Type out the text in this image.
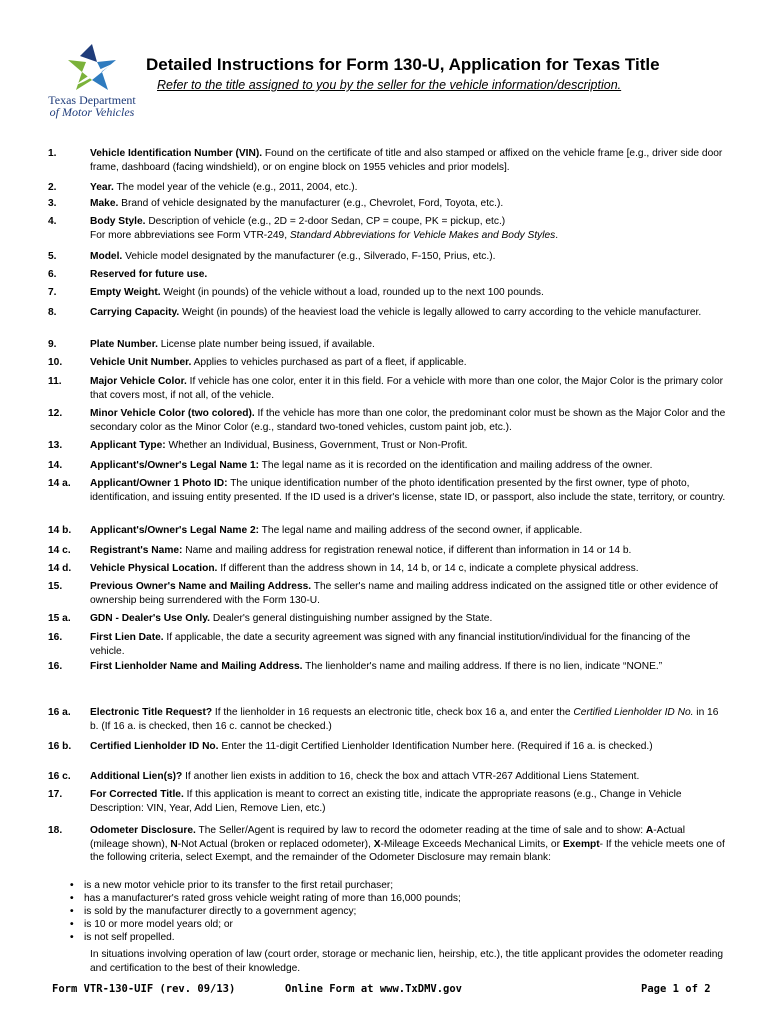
Texas Department
of Motor Vehicles
Detailed Instructions for Form 130-U, Application for Texas Title
Refer to the title assigned to you by the seller for the vehicle information/description.
1.	Vehicle Identification Number (VIN). Found on the certificate of title and also stamped or affixed on the vehicle frame [e.g., driver side door frame, dashboard (facing windshield), or on engine block on 1955 vehicles and prior models].
2.	Year. The model year of the vehicle (e.g., 2011, 2004, etc.).
3.	Make. Brand of vehicle designated by the manufacturer (e.g., Chevrolet, Ford, Toyota, etc.).
4.	Body Style. Description of vehicle (e.g., 2D = 2-door Sedan, CP = coupe, PK = pickup, etc.)
For more abbreviations see Form VTR-249, Standard Abbreviations for Vehicle Makes and Body Styles.
5.	Model. Vehicle model designated by the manufacturer (e.g., Silverado, F-150, Prius, etc.).
6.	Reserved for future use.
7.	Empty Weight. Weight (in pounds) of the vehicle without a load, rounded up to the next 100 pounds.
8.	Carrying Capacity. Weight (in pounds) of the heaviest load the vehicle is legally allowed to carry according to the vehicle manufacturer.
9.	Plate Number. License plate number being issued, if available.
10.	Vehicle Unit Number. Applies to vehicles purchased as part of a fleet, if applicable.
11.	Major Vehicle Color. If vehicle has one color, enter it in this field. For a vehicle with more than one color, the Major Color is the primary color that covers most, if not all, of the vehicle.
12.	Minor Vehicle Color (two colored). If the vehicle has more than one color, the predominant color must be shown as the Major Color and the secondary color as the Minor Color (e.g., standard two-toned vehicles, custom paint job, etc.).
13.	Applicant Type: Whether an Individual, Business, Government, Trust or Non-Profit.
14.	Applicant's/Owner's Legal Name 1: The legal name as it is recorded on the identification and mailing address of the owner.
14 a.	Applicant/Owner 1 Photo ID: The unique identification number of the photo identification presented by the first owner, type of photo, identification, and issuing entity presented. If the ID used is a driver's license, state ID, or passport, also include the state, territory, or country.
14 b.	Applicant's/Owner's Legal Name 2: The legal name and mailing address of the second owner, if applicable.
14 c.	Registrant's Name: Name and mailing address for registration renewal notice, if different than information in 14 or 14 b.
14 d.	Vehicle Physical Location. If different than the address shown in 14, 14 b, or 14 c, indicate a complete physical address.
15.	Previous Owner's Name and Mailing Address. The seller's name and mailing address indicated on the assigned title or other evidence of ownership being surrendered with the Form 130-U.
15 a.	GDN - Dealer's Use Only. Dealer's general distinguishing number assigned by the State.
16.	First Lien Date. If applicable, the date a security agreement was signed with any financial institution/individual for the financing of the vehicle.
16.	First Lienholder Name and Mailing Address. The lienholder's name and mailing address. If there is no lien, indicate “NONE.”
16 a.	Electronic Title Request? If the lienholder in 16 requests an electronic title, check box 16 a, and enter the Certified Lienholder ID No. in 16 b. (If 16 a. is checked, then 16 c. cannot be checked.)
16 b.	Certified Lienholder ID No. Enter the 11-digit Certified Lienholder Identification Number here. (Required if 16 a. is checked.)
16 c.	Additional Lien(s)? If another lien exists in addition to 16, check the box and attach VTR-267 Additional Liens Statement.
17.	For Corrected Title. If this application is meant to correct an existing title, indicate the appropriate reasons (e.g., Change in Vehicle Description: VIN, Year, Add Lien, Remove Lien, etc.)
18.	Odometer Disclosure. The Seller/Agent is required by law to record the odometer reading at the time of sale and to show: A-Actual (mileage shown), N-Not Actual (broken or replaced odometer), X-Mileage Exceeds Mechanical Limits, or Exempt- If the vehicle meets one of the following criteria, select Exempt, and the remainder of the Odometer Disclosure may remain blank:
• is a new motor vehicle prior to its transfer to the first retail purchaser;
• has a manufacturer's rated gross vehicle weight rating of more than 16,000 pounds;
• is sold by the manufacturer directly to a government agency;
• is 10 or more model years old; or
• is not self propelled.
In situations involving operation of law (court order, storage or mechanic lien, heirship, etc.), the title applicant provides the odometer reading and certification to the best of their knowledge.
Form VTR-130-UIF (rev. 09/13)	Online Form at www.TxDMV.gov	Page 1 of 2
